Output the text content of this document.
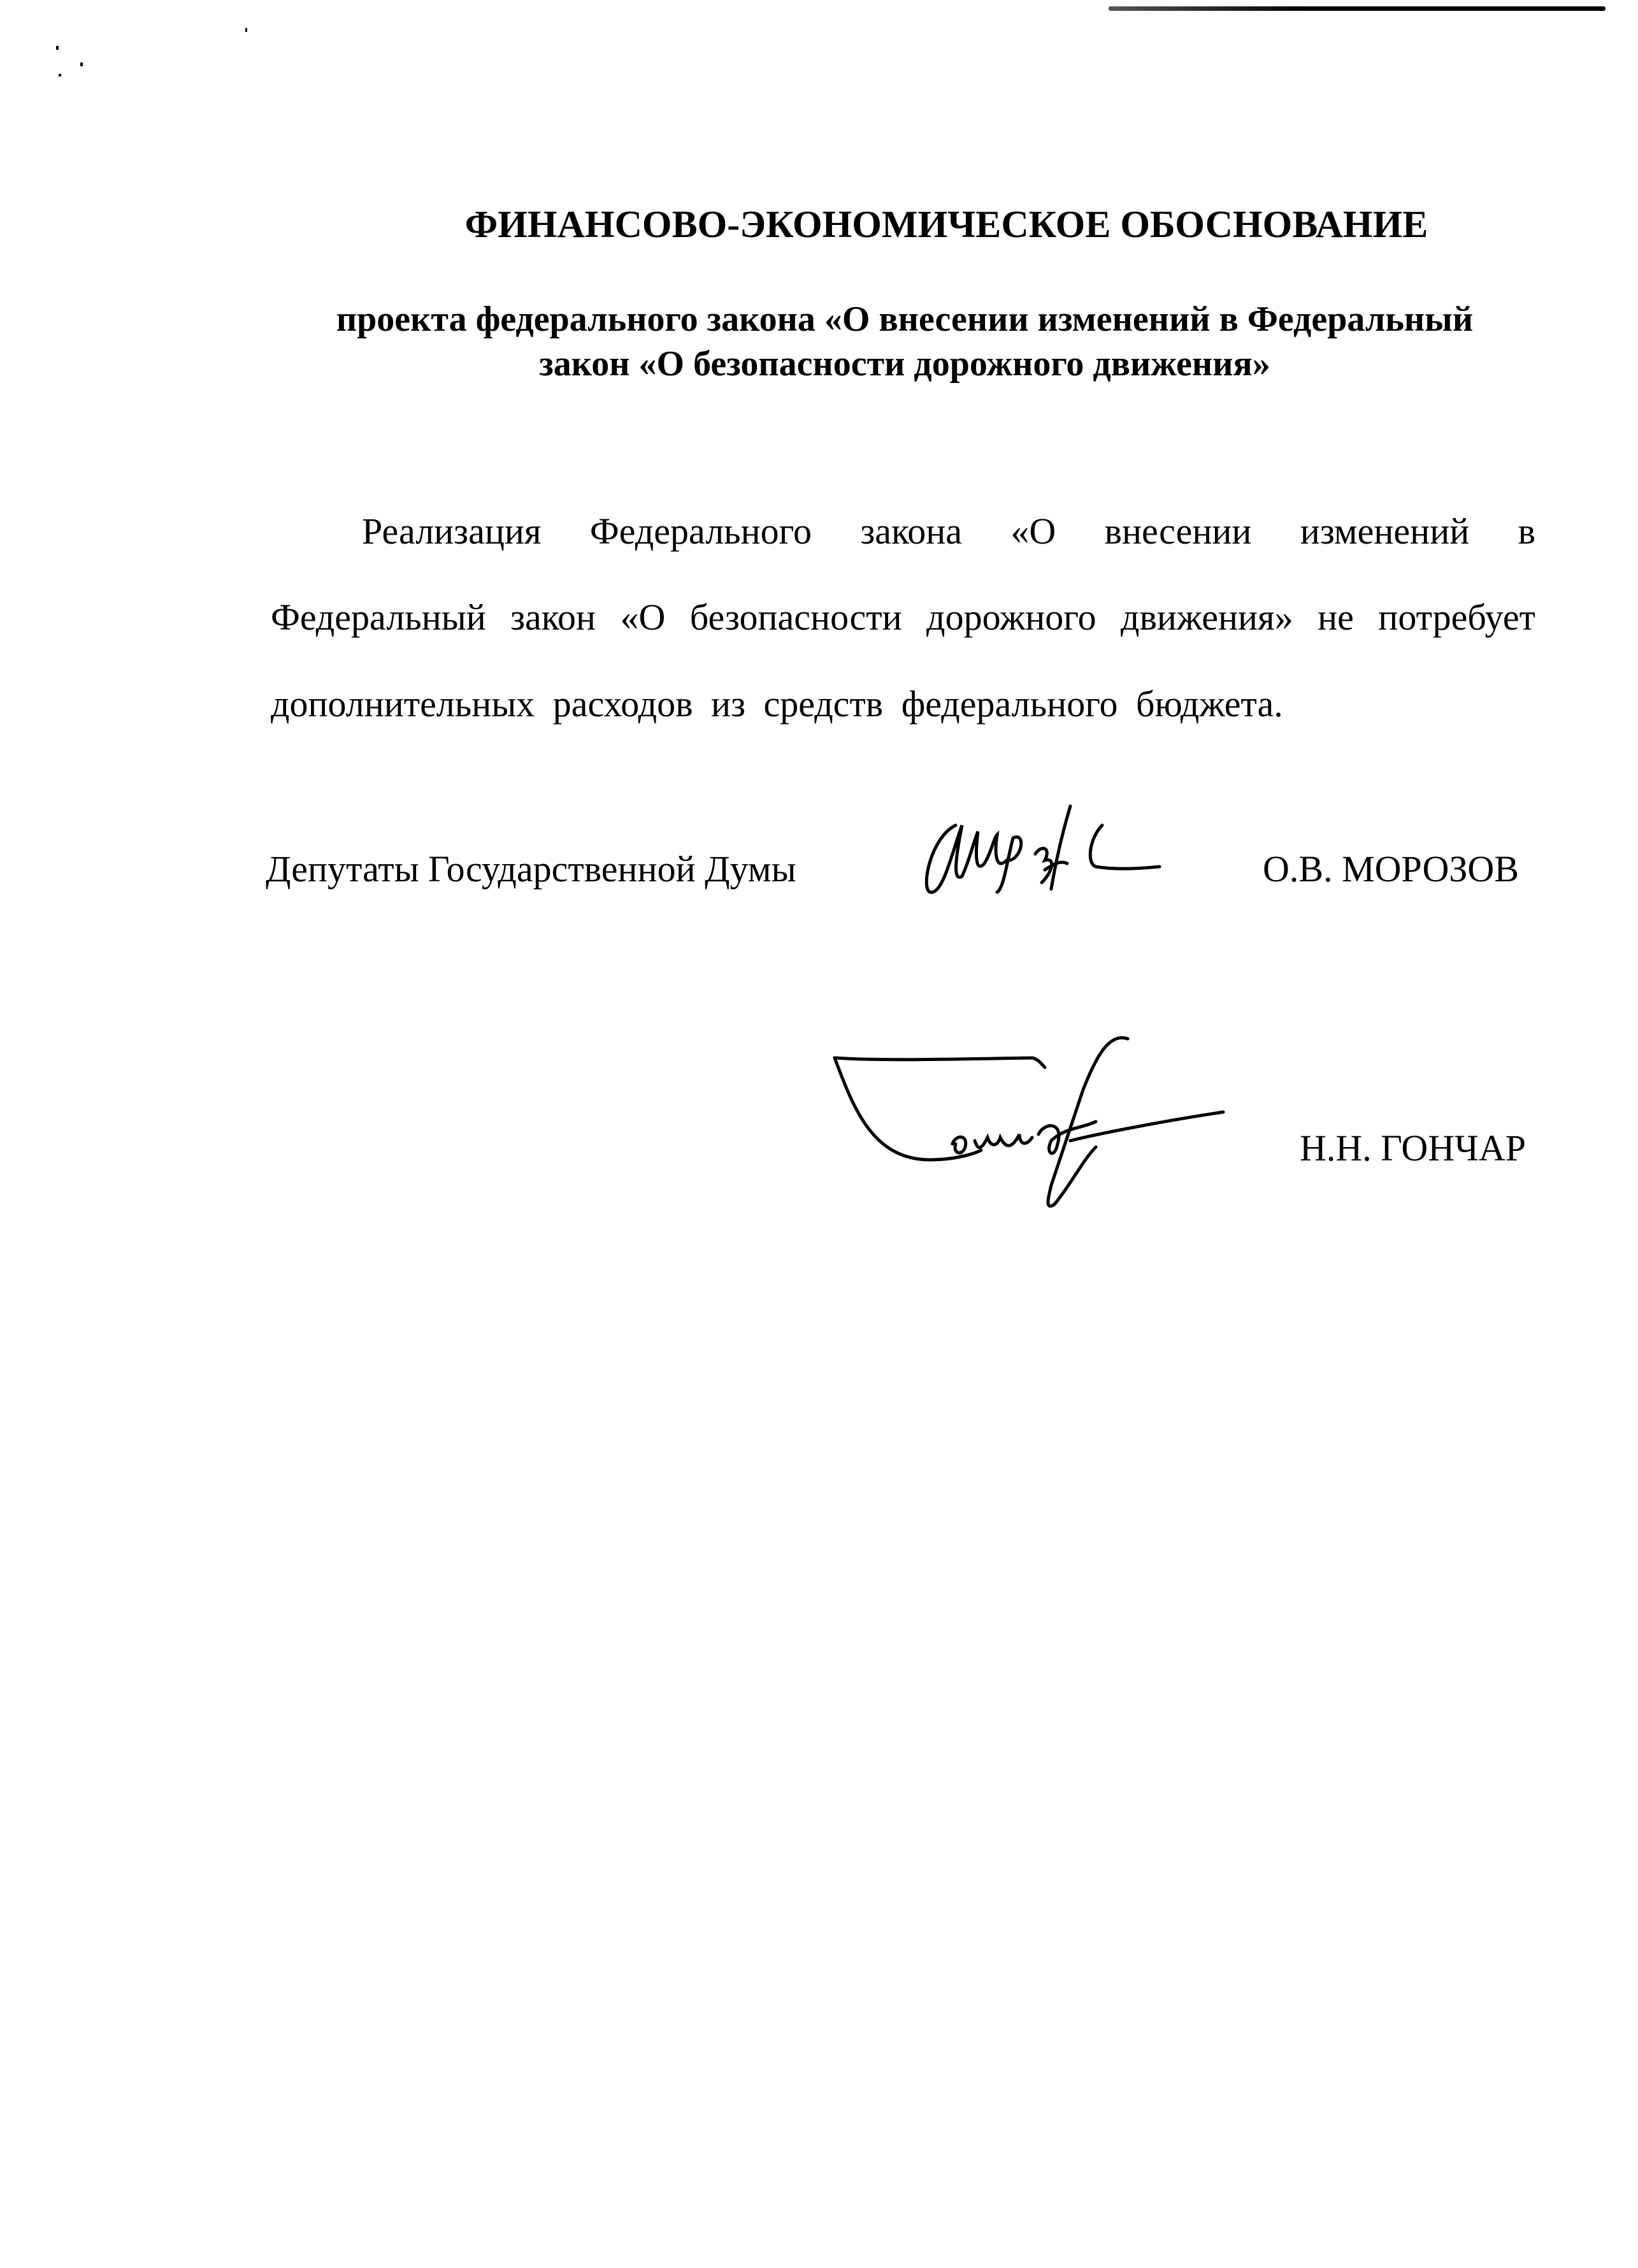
ФИНАНСОВО-ЭКОНОМИЧЕСКОЕ ОБОСНОВАНИЕ
проекта федерального закона «О внесении изменений в Федеральный
закон «О безопасности дорожного движения»
Реализация Федерального закона «О внесении изменений в
Федеральный закон «О безопасности дорожного движения» не потребует
дополнительных расходов из средств федерального бюджета.
Депутаты Государственной Думы	О.В. МОРОЗОВ
Н.Н. ГОНЧАР
